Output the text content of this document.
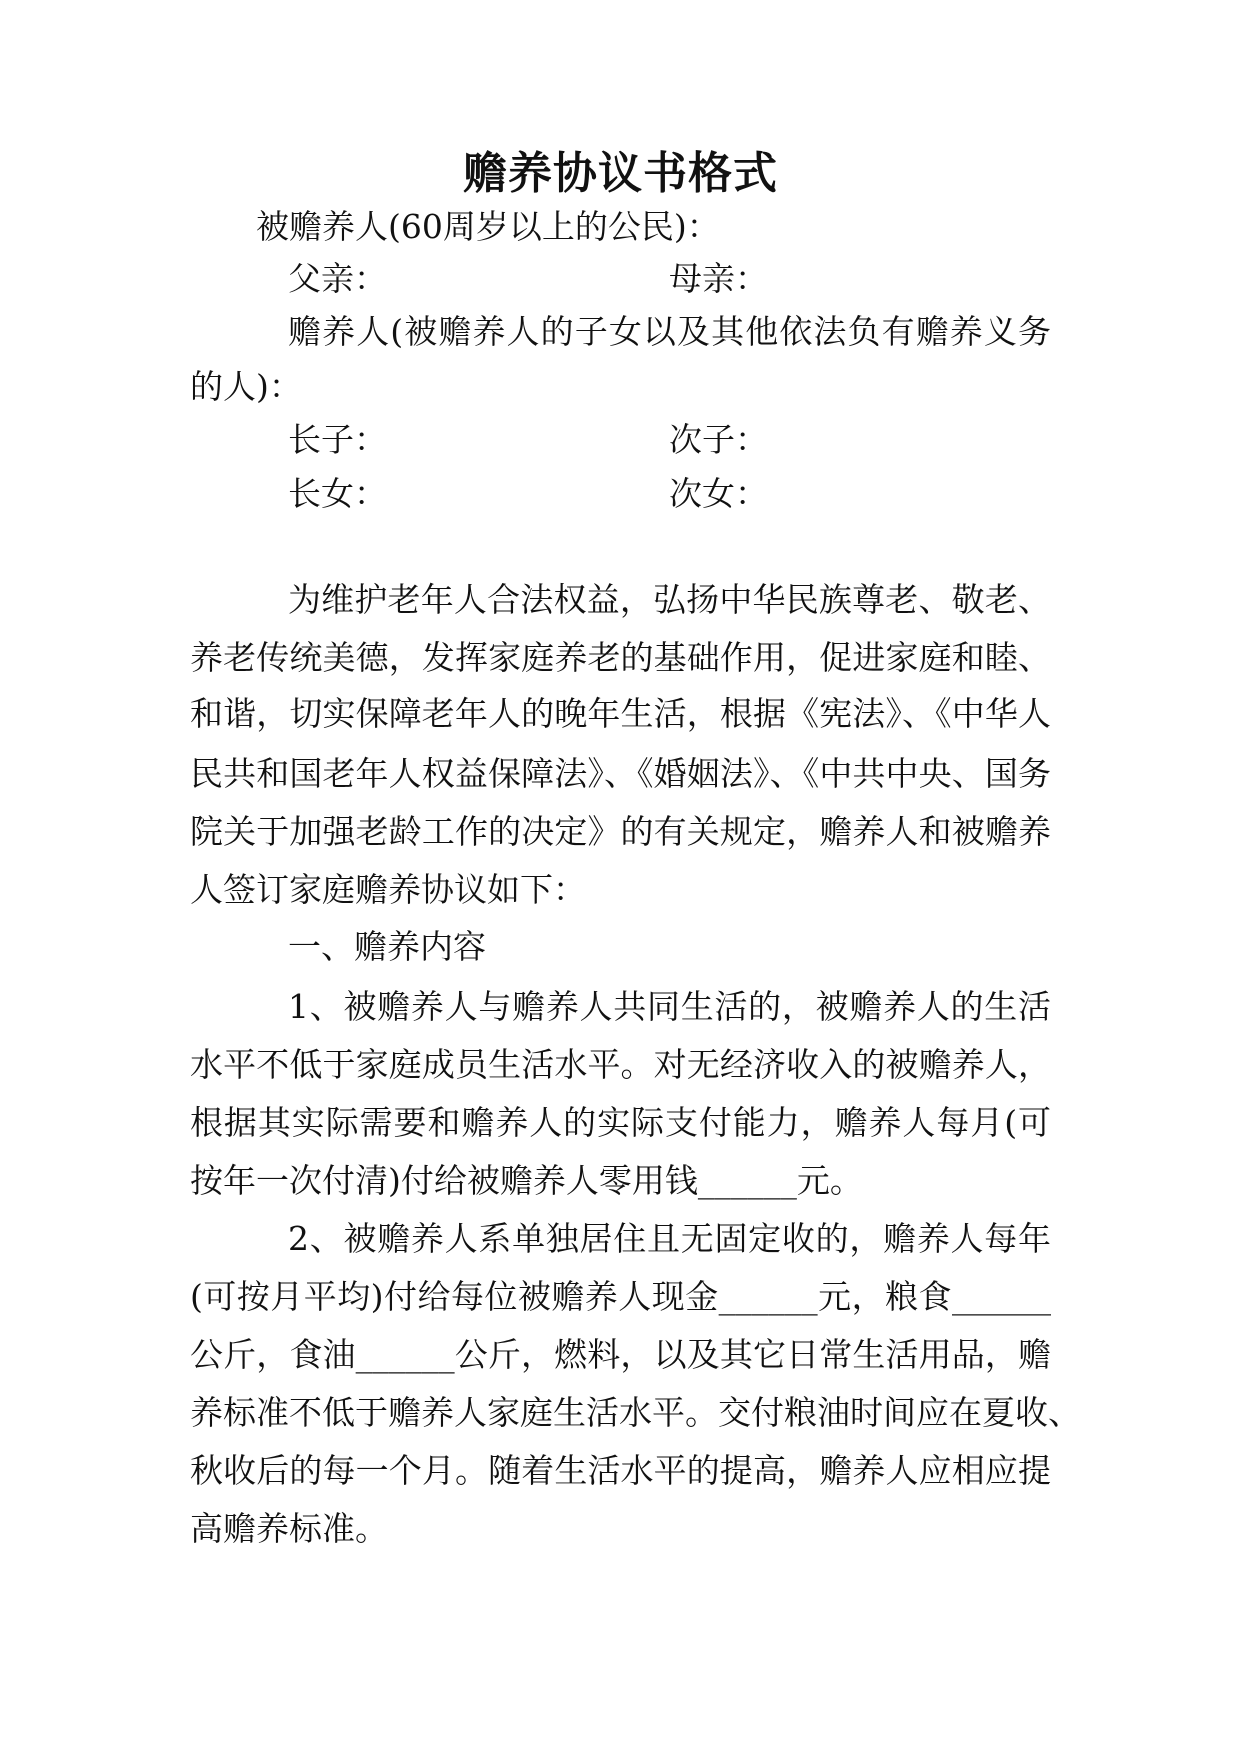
赡养协议书格式
被赡养人(60周岁以上的公民)：
父亲：	母亲：
赡养人(被赡养人的子女以及其他依法负有赡养义务
的人)：
长子：	次子：
长女：	次女：
为维护老年人合法权益，弘扬中华民族尊老、敬老、
养老传统美德，发挥家庭养老的基础作用，促进家庭和睦、
和谐，切实保障老年人的晚年生活，根据《宪法》、《中华人
民共和国老年人权益保障法》、《婚姻法》、《中共中央、国务
院关于加强老龄工作的决定》的有关规定，赡养人和被赡养
人签订家庭赡养协议如下：
一、赡养内容
1、被赡养人与赡养人共同生活的，被赡养人的生活
水平不低于家庭成员生活水平。对无经济收入的被赡养人，
根据其实际需要和赡养人的实际支付能力，赡养人每月(可
按年一次付清)付给被赡养人零用钱______元。
2、被赡养人系单独居住且无固定收的，赡养人每年
(可按月平均)付给每位被赡养人现金______元，粮食______
公斤，食油______公斤，燃料，以及其它日常生活用品，赡
养标准不低于赡养人家庭生活水平。交付粮油时间应在夏收、
秋收后的每一个月。随着生活水平的提高，赡养人应相应提
高赡养标准。
